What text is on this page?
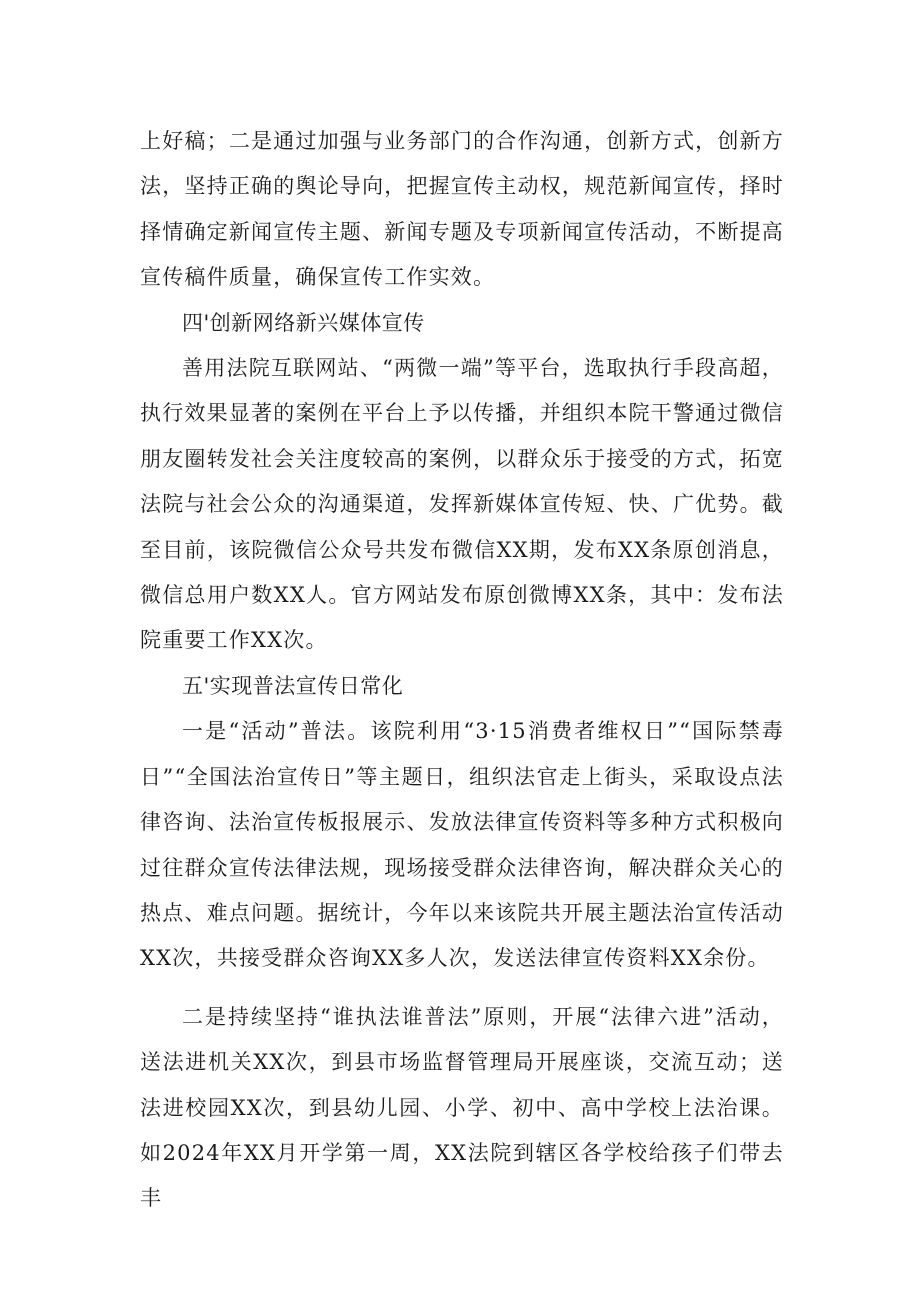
上好稿；二是通过加强与业务部门的合作沟通，创新方式，创新方法，坚持正确的舆论导向，把握宣传主动权，规范新闻宣传，择时择情确定新闻宣传主题、新闻专题及专项新闻宣传活动，不断提高宣传稿件质量，确保宣传工作实效。

四'创新网络新兴媒体宣传

善用法院互联网站、“两微一端”等平台，选取执行手段高超，执行效果显著的案例在平台上予以传播，并组织本院干警通过微信朋友圈转发社会关注度较高的案例，以群众乐于接受的方式，拓宽法院与社会公众的沟通渠道，发挥新媒体宣传短、快、广优势。截至目前，该院微信公众号共发布微信XX期，发布XX条原创消息，微信总用户数XX人。官方网站发布原创微博XX条，其中：发布法院重要工作XX次。

五'实现普法宣传日常化

一是“活动”普法。该院利用“3·15消费者维权日”“国际禁毒日”“全国法治宣传日”等主题日，组织法官走上街头，采取设点法律咨询、法治宣传板报展示、发放法律宣传资料等多种方式积极向过往群众宣传法律法规，现场接受群众法律咨询，解决群众关心的热点、难点问题。据统计，今年以来该院共开展主题法治宣传活动XX次，共接受群众咨询XX多人次，发送法律宣传资料XX余份。

二是持续坚持“谁执法谁普法”原则，开展“法律六进”活动，送法进机关XX次，到县市场监督管理局开展座谈，交流互动；送法进校园XX次，到县幼儿园、小学、初中、高中学校上法治课。如2024年XX月开学第一周，XX法院到辖区各学校给孩子们带去丰
